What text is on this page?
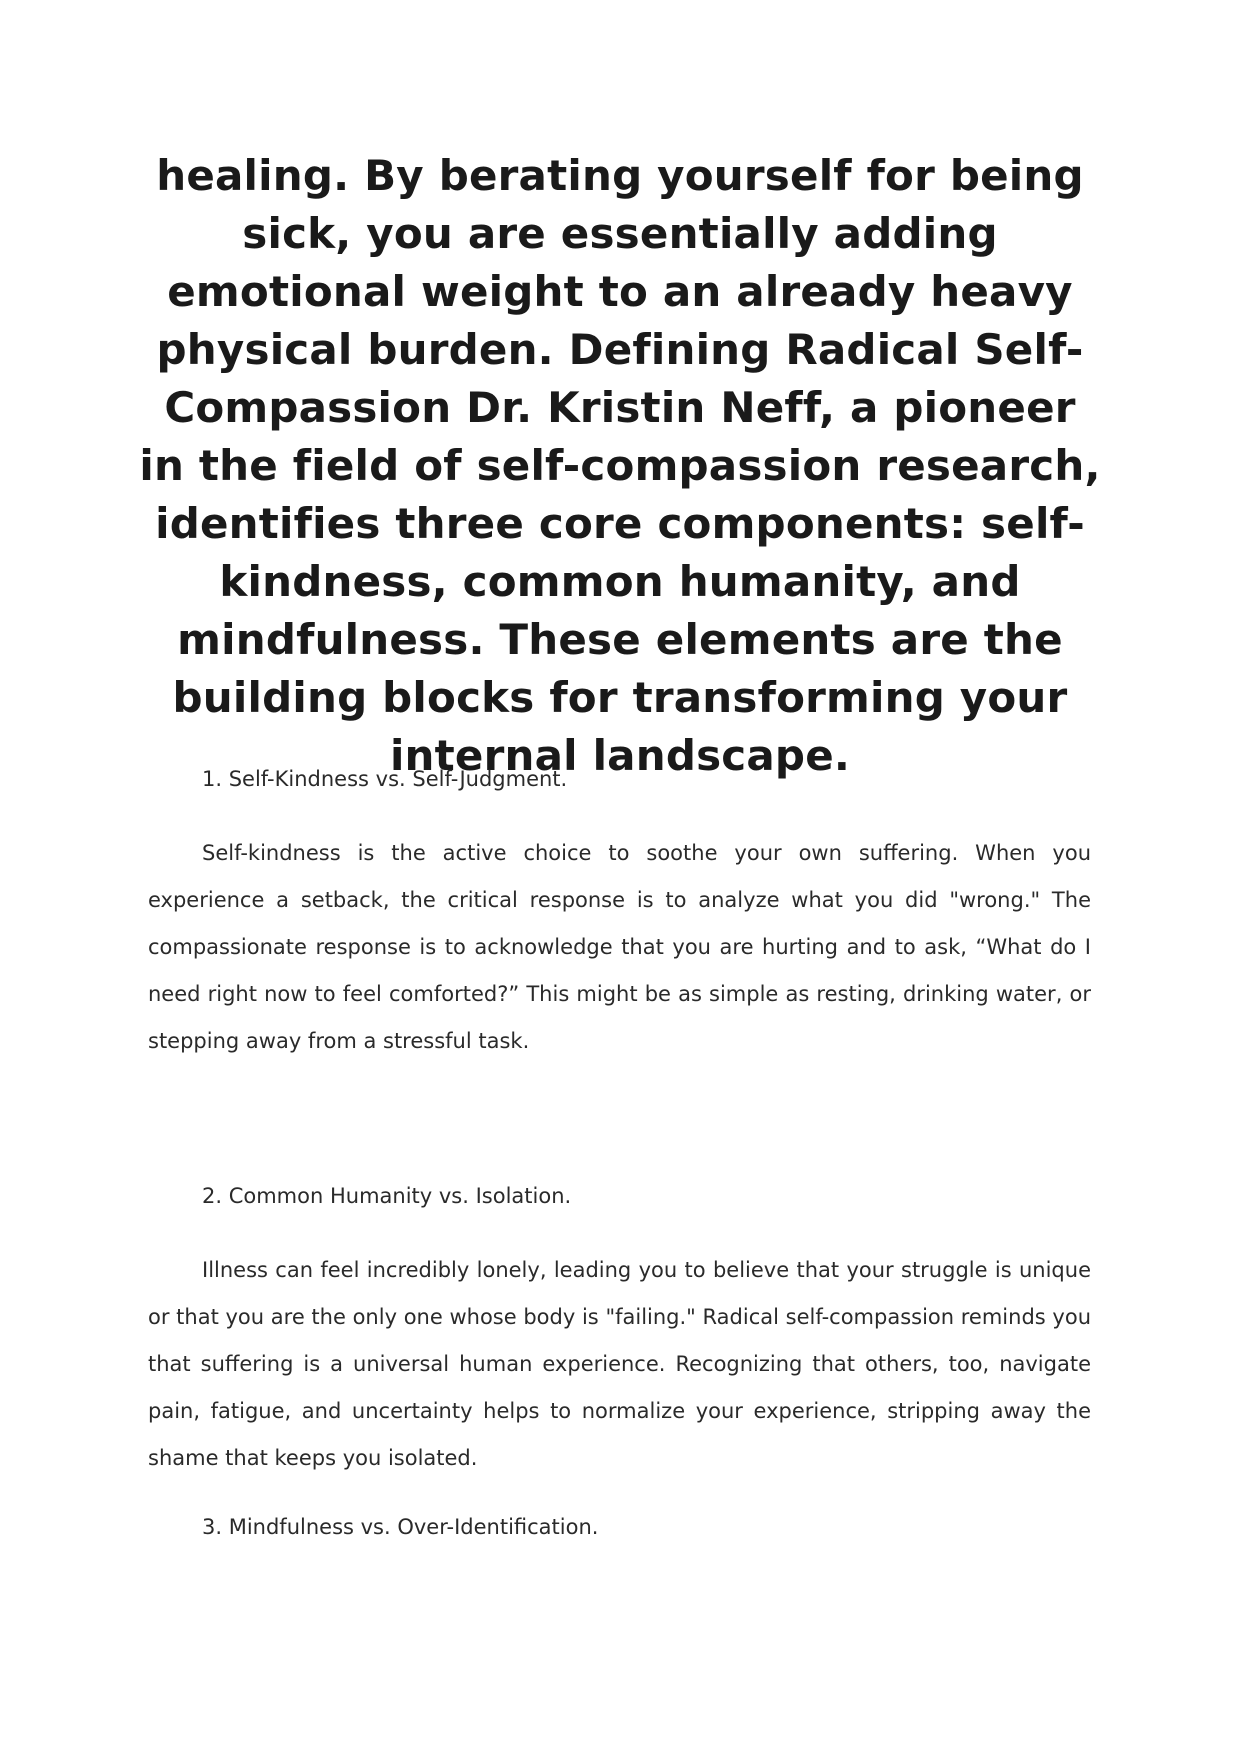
healing. By berating yourself for being sick, you are essentially adding emotional weight to an already heavy physical burden. Defining Radical Self-Compassion Dr. Kristin Neff, a pioneer in the field of self-compassion research, identifies three core components: self-kindness, common humanity, and mindfulness. These elements are the building blocks for transforming your internal landscape.

1. Self-Kindness vs. Self-Judgment.

Self-kindness is the active choice to soothe your own suffering. When you experience a setback, the critical response is to analyze what you did "wrong." The compassionate response is to acknowledge that you are hurting and to ask, “What do I need right now to feel comforted?” This might be as simple as resting, drinking water, or stepping away from a stressful task.

2. Common Humanity vs. Isolation.

Illness can feel incredibly lonely, leading you to believe that your struggle is unique or that you are the only one whose body is "failing." Radical self-compassion reminds you that suffering is a universal human experience. Recognizing that others, too, navigate pain, fatigue, and uncertainty helps to normalize your experience, stripping away the shame that keeps you isolated.

3. Mindfulness vs. Over-Identification.
